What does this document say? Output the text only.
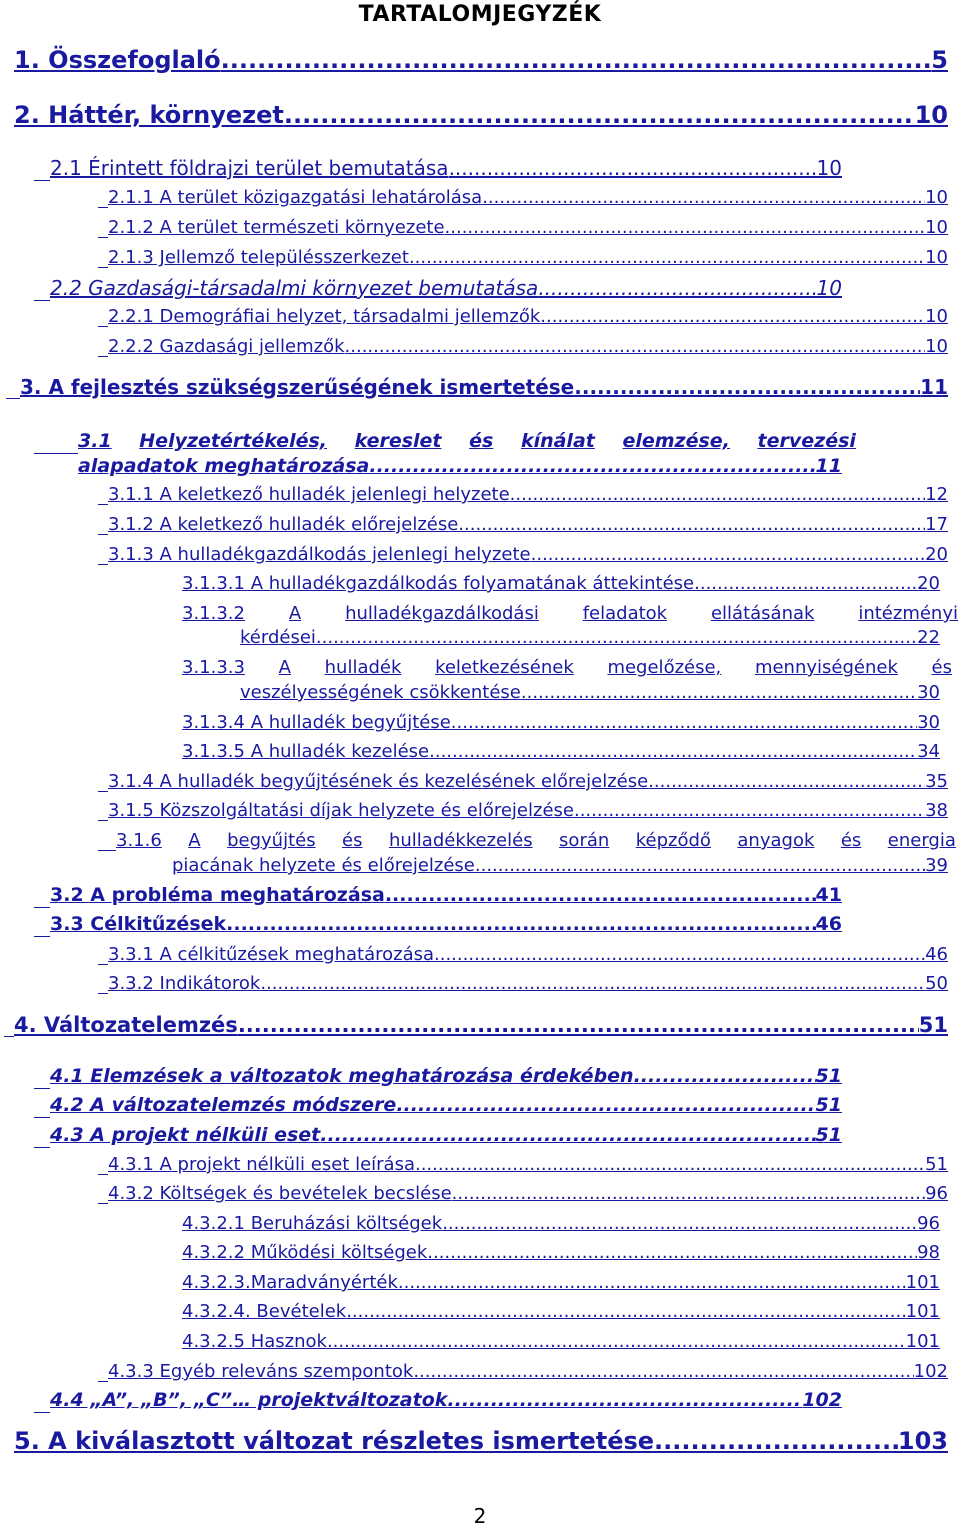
TARTALOMJEGYZÉK
1. Összefoglaló .....	5
2. Háttér, környezet .....	10
2.1 Érintett földrajzi terület bemutatása .....	10
2.1.1 A terület közigazgatási lehatárolása .....	10
2.1.2 A terület természeti környezete .....	10
2.1.3 Jellemző településszerkezet .....	10
2.2 Gazdasági-társadalmi környezet bemutatása .....	10
2.2.1 Demográfiai helyzet, társadalmi jellemzők .....	10
2.2.2 Gazdasági jellemzők .....	10
3. A fejlesztés szükségszerűségének ismertetése .....	11
3.1 Helyzetértékelés, kereslet és kínálat elemzése, tervezési
alapadatok meghatározása .....	11
3.1.1 A keletkező hulladék jelenlegi helyzete .....	12
3.1.2 A keletkező hulladék előrejelzése .....	17
3.1.3 A hulladékgazdálkodás jelenlegi helyzete .....	20
3.1.3.1 A hulladékgazdálkodás folyamatának áttekintése .....	20
3.1.3.2 A hulladékgazdálkodási feladatok ellátásának intézményi
kérdései .....	22
3.1.3.3 A hulladék keletkezésének megelőzése, mennyiségének és
veszélyességének csökkentése .....	30
3.1.3.4 A hulladék begyűjtése .....	30
3.1.3.5 A hulladék kezelése .....	34
3.1.4 A hulladék begyűjtésének és kezelésének előrejelzése .....	35
3.1.5 Közszolgáltatási díjak helyzete és előrejelzése .....	38
3.1.6 A begyűjtés és hulladékkezelés során képződő anyagok és energia
piacának helyzete és előrejelzése .....	39
3.2 A probléma meghatározása .....	41
3.3 Célkitűzések .....	46
3.3.1 A célkitűzések meghatározása .....	46
3.3.2 Indikátorok .....	50
4. Változatelemzés .....	51
4.1 Elemzések a változatok meghatározása érdekében .....	51
4.2 A változatelemzés módszere .....	51
4.3 A projekt nélküli eset .....	51
4.3.1 A projekt nélküli eset leírása .....	51
4.3.2 Költségek és bevételek becslése .....	96
4.3.2.1 Beruházási költségek .....	96
4.3.2.2 Működési költségek .....	98
4.3.2.3.Maradványérték .....	101
4.3.2.4. Bevételek .....	101
4.3.2.5 Hasznok .....	101
4.3.3 Egyéb releváns szempontok .....	102
4.4 „A”, „B”, „C”… projektváltozatok .....	102
5. A kiválasztott változat részletes ismertetése .....	103
2
